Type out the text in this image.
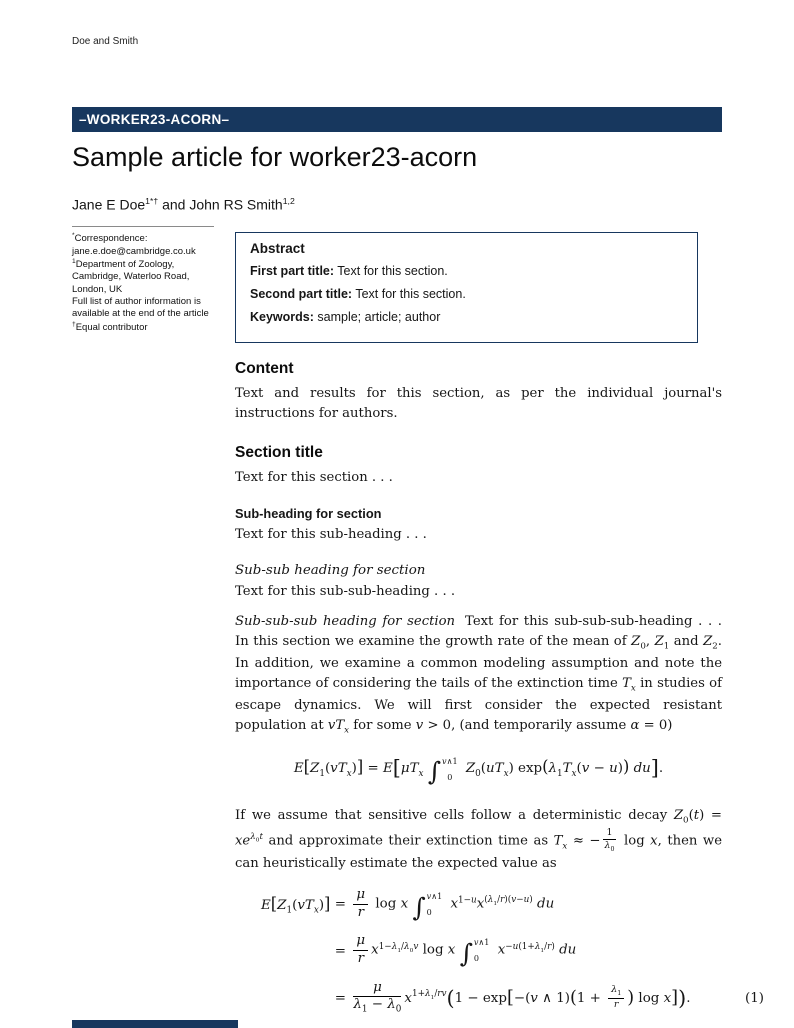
Doe and Smith
–WORKER23-ACORN–
Sample article for worker23-acorn
Jane E Doe$^{1*\dagger}$ and John RS Smith$^{1,2}$

*Correspondence:
jane.e.doe@cambridge.co.uk

$^1$Department of Zoology, Cambridge, Waterloo Road, London, UK

Full list of author information is available at the end of the article

†Equal contributor

Abstract

First part title: Text for this section.

Second part title: Text for this section.

Keywords: sample; article; author

Content

Text and results for this section, as per the individual journal's instructions for authors.

Section title

Text for this section . . .

Sub-heading for section

Text for this sub-heading . . .

Sub-sub heading for section

Text for this sub-sub-heading . . .

Sub-sub-sub heading for section Text for this sub-sub-sub-heading . . . In this section we examine the growth rate of the mean of $Z_0$, $Z_1$ and $Z_2$. In addition, we examine a common modeling assumption and note the importance of considering the tails of the extinction time $T_x$ in studies of escape dynamics. We will first consider the expected resistant population at $vT_x$ for some v > 0, (and temporarily assume α = 0)

$E[Z_1(vT_x)] = E[\mu T_x$ ∫ v∧1
0
$Z_0(uT_x) \exp(\lambda_1T_x(v - u))$ du].

If we assume that sensitive cells follow a deterministic decay $Z_0(t) = xe^{\lambda_0t}$ and approximate their extinction time as $T_x$ ≈ − $\frac{1}{\lambda_0}$ log x, then we can heuristically estimate the expected value as

$E[Z_1(vT_x)] = \frac{\mu}{r}$ log x ∫ v∧1
0
$x^{1-u}x^{(\lambda_1/r)(v-u)}$ du
= $\frac{\mu}{r} x^{1-\lambda_1/\lambda_0v}$ log x ∫ v∧1
0
$x^{-u(1+\lambda_1/r)}$ du
= $\frac{\mu}{\lambda_1 - \lambda_0} x^{1+\lambda_1/rv}(1 - \exp[-(v$ ∧ $1)(1 + \frac{\lambda_1}{r}$ ) log x]).	(1)
